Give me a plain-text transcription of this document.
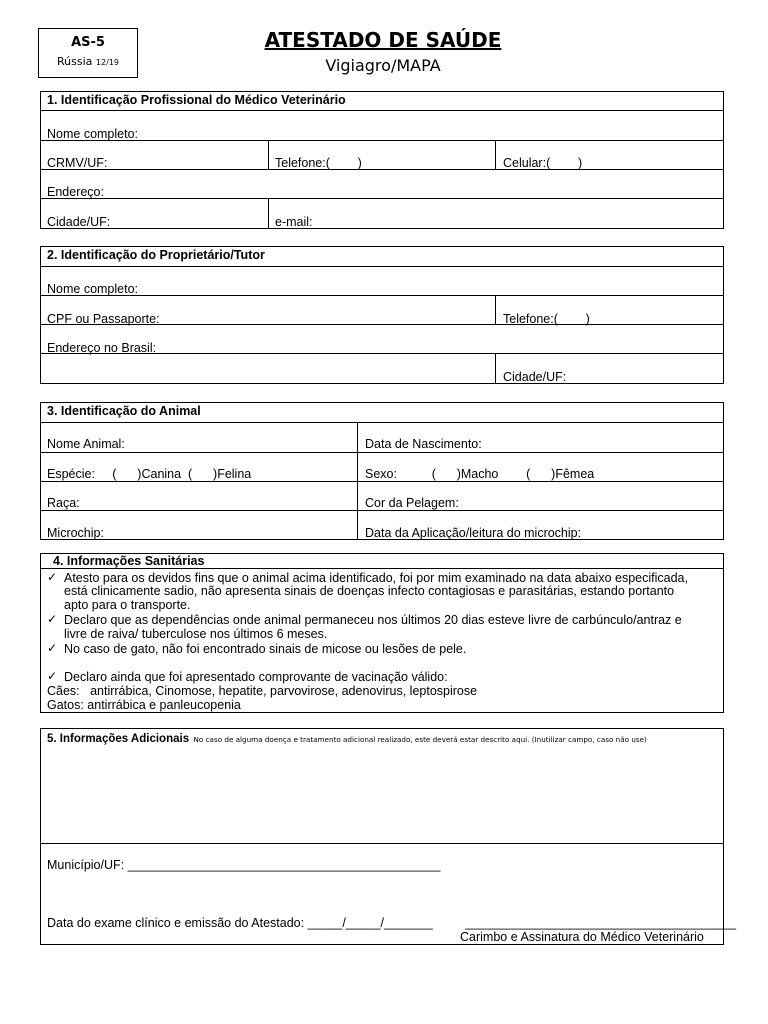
AS-5
Rússia 12/19
ATESTADO DE SAÚDE
Vigiagro/MAPA
1. Identificação Profissional do Médico Veterinário
Nome completo:
CRMV/UF:	Telefone:(        )	Celular:(        )
Endereço:
Cidade/UF:	e-mail:
2. Identificação do Proprietário/Tutor
Nome completo:
CPF ou Passaporte:	Telefone:(        )
Endereço no Brasil:
Cidade/UF:
3. Identificação do Animal
Nome Animal:	Data de Nascimento:
Espécie:     (      )Canina  (      )Felina	Sexo:          (      )Macho        (      )Fêmea
Raça:	Cor da Pelagem:
Microchip:	Data da Aplicação/leitura do microchip:
4. Informações Sanitárias
✓ Atesto para os devidos fins que o animal acima identificado, foi por mim examinado na data abaixo especificada,
está clinicamente sadio, não apresenta sinais de doenças infecto contagiosas e parasitárias, estando portanto
apto para o transporte.
✓ Declaro que as dependências onde animal permaneceu nos últimos 20 dias esteve livre de carbúnculo/antraz e
livre de raiva/ tuberculose nos últimos 6 meses.
✓ No caso de gato, não foi encontrado sinais de micose ou lesões de pele.
✓ Declaro ainda que foi apresentado comprovante de vacinação válido:
Cães:   antirrábica, Cinomose, hepatite, parvovirose, adenovirus, leptospirose
Gatos: antirrábica e panleucopenia
5. Informações Adicionais No caso de alguma doença e tratamento adicional realizado, este deverá estar descrito aqui. (Inutilizar campo, caso não use)
Município/UF: _____________________________________________
Data do exame clínico e emissão do Atestado: _____/_____/_______	_______________________________________
Carimbo e Assinatura do Médico Veterinário
